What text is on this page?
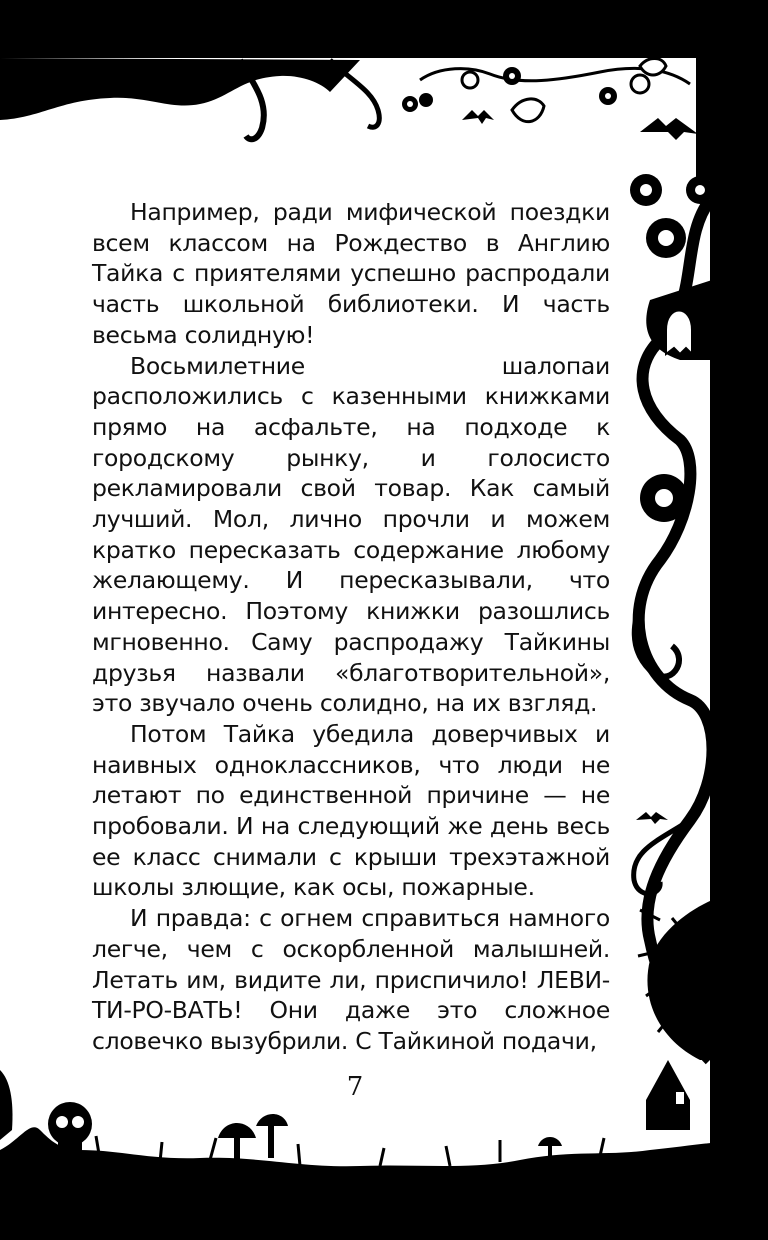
Например, ради мифической поездки всем классом на Рождество в Англию Тайка с приятелями успешно распродали часть школьной библиотеки. И часть весьма солидную!

Восьмилетние шалопаи расположились с казенными книжками прямо на асфальте, на подходе к городскому рынку, и голосисто рекламировали свой товар. Как самый лучший. Мол, лично прочли и можем кратко пересказать содержание любому желающему. И пересказывали, что интересно. Поэтому книжки разошлись мгновенно. Саму распродажу Тайкины друзья назвали «благотворительной», это звучало очень солидно, на их взгляд.

Потом Тайка убедила доверчивых и наивных одноклассников, что люди не летают по единственной причине — не пробовали. И на следующий же день весь ее класс снимали с крыши трехэтажной школы злющие, как осы, пожарные.

И правда: с огнем справиться намного легче, чем с оскорбленной малышней. Летать им, видите ли, приспичило! ЛЕВИ-ТИ-РО-ВАТЬ! Они даже это сложное словечко вызубрили. С Тайкиной подачи,

7
